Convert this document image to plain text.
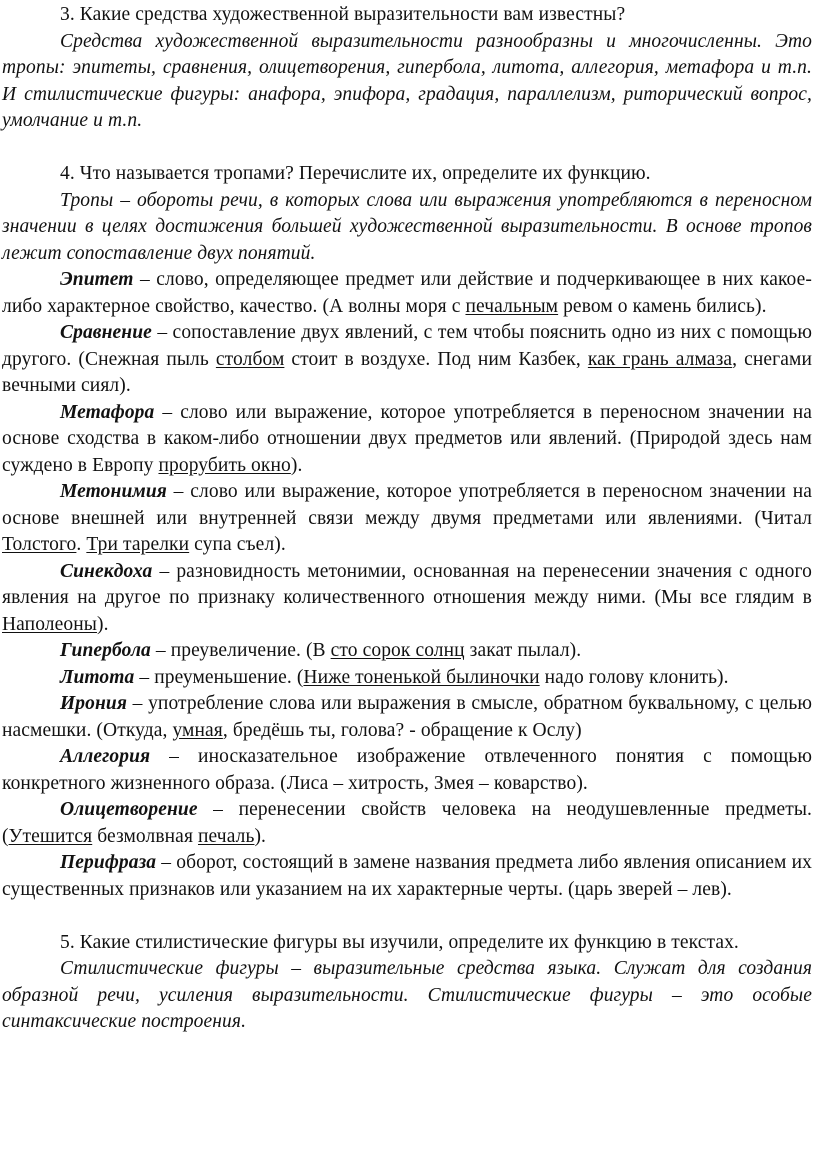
3. Какие средства художественной выразительности вам известны?

Средства художественной выразительности разнообразны и многочисленны. Это тропы: эпитеты, сравнения, олицетворения, гипербола, литота, аллегория, метафора и т.п. И стилистические фигуры: анафора, эпифора, градация, параллелизм, риторический вопрос, умолчание и т.п.

4. Что называется тропами? Перечислите их, определите их функцию.

Тропы – обороты речи, в которых слова или выражения употребляются в переносном значении в целях достижения большей художественной выразительности. В основе тропов лежит сопоставление двух понятий.

Эпитет – слово, определяющее предмет или действие и подчеркивающее в них какое-либо характерное свойство, качество. (А волны моря с печальным ревом о камень бились).

Сравнение – сопоставление двух явлений, с тем чтобы пояснить одно из них с помощью другого. (Снежная пыль столбом стоит в воздухе. Под ним Казбек, как грань алмаза, снегами вечными сиял).

Метафора – слово или выражение, которое употребляется в переносном значении на основе сходства в каком-либо отношении двух предметов или явлений. (Природой здесь нам суждено в Европу прорубить окно).

Метонимия – слово или выражение, которое употребляется в переносном значении на основе внешней или внутренней связи между двумя предметами или явлениями. (Читал Толстого. Три тарелки супа съел).

Синекдоха – разновидность метонимии, основанная на перенесении значения с одного явления на другое по признаку количественного отношения между ними. (Мы все глядим в Наполеоны).

Гипербола – преувеличение. (В сто сорок солнц закат пылал).

Литота – преуменьшение. (Ниже тоненькой былиночки надо голову клонить).

Ирония – употребление слова или выражения в смысле, обратном буквальному, с целью насмешки. (Откуда, умная, бредёшь ты, голова? - обращение к Ослу)

Аллегория – иносказательное изображение отвлеченного понятия с помощью конкретного жизненного образа. (Лиса – хитрость, Змея – коварство).

Олицетворение – перенесении свойств человека на неодушевленные предметы. (Утешится безмолвная печаль).

Перифраза – оборот, состоящий в замене названия предмета либо явления описанием их существенных признаков или указанием на их характерные черты. (царь зверей – лев).

5. Какие стилистические фигуры вы изучили, определите их функцию в текстах.

Стилистические фигуры – выразительные средства языка. Служат для создания образной речи, усиления выразительности. Стилистические фигуры – это особые синтаксические построения.
